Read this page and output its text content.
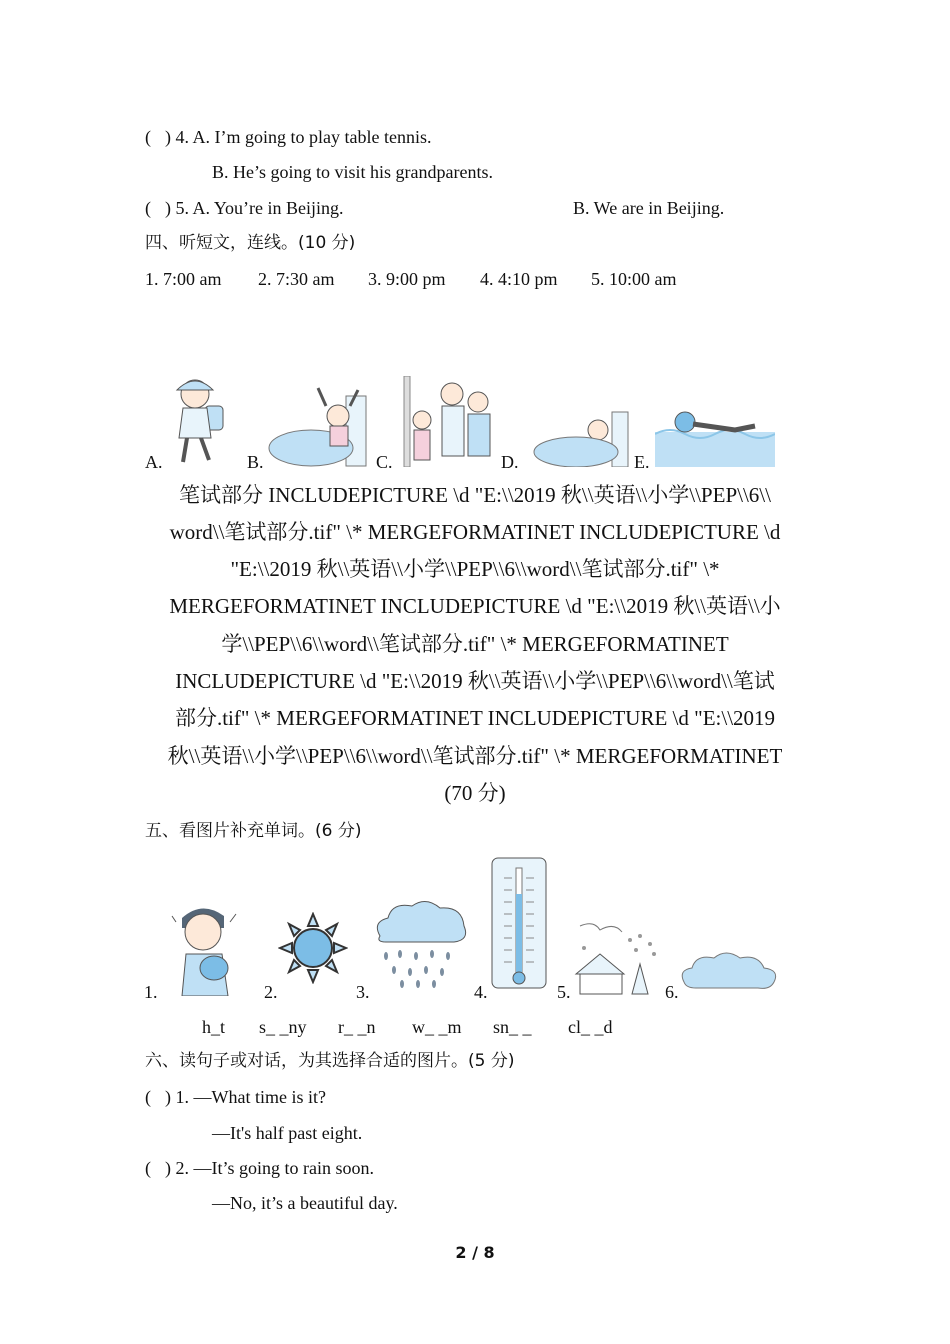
( ) 4. A. I’m going to play table tennis.
B. He’s going to visit his grandparents.
( ) 5. A. You’re in Beijing.	B. We are in Beijing.
四、听短文，连线。(10 分)
1. 7:00 am 2. 7:30 am 3. 9:00 pm 4. 4:10 pm 5. 10:00 am
A.	B.	C.	D.	E.
笔试部分 INCLUDEPICTURE \d "E:\\2019 秋\\英语\\小学\\PEP\\6\\
word\\笔试部分.tif" \* MERGEFORMATINET INCLUDEPICTURE \d
"E:\\2019 秋\\英语\\小学\\PEP\\6\\word\\笔试部分.tif" \*
MERGEFORMATINET INCLUDEPICTURE \d "E:\\2019 秋\\英语\\小
学\\PEP\\6\\word\\笔试部分.tif" \* MERGEFORMATINET
INCLUDEPICTURE \d "E:\\2019 秋\\英语\\小学\\PEP\\6\\word\\笔试
部分.tif" \* MERGEFORMATINET INCLUDEPICTURE \d "E:\\2019
秋\\英语\\小学\\PEP\\6\\word\\笔试部分.tif" \* MERGEFORMATINET
(70 分)
五、看图片补充单词。(6 分)
1.	2.	3.	4.	5.	6.
h_t s_ _ny r_ _n w_ _m sn_ _ cl_ _d
六、读句子或对话，为其选择合适的图片。(5 分)
( ) 1. —What time is it?
—It's half past eight.
( ) 2. —It’s going to rain soon.
—No, it’s a beautiful day.
2 / 8
